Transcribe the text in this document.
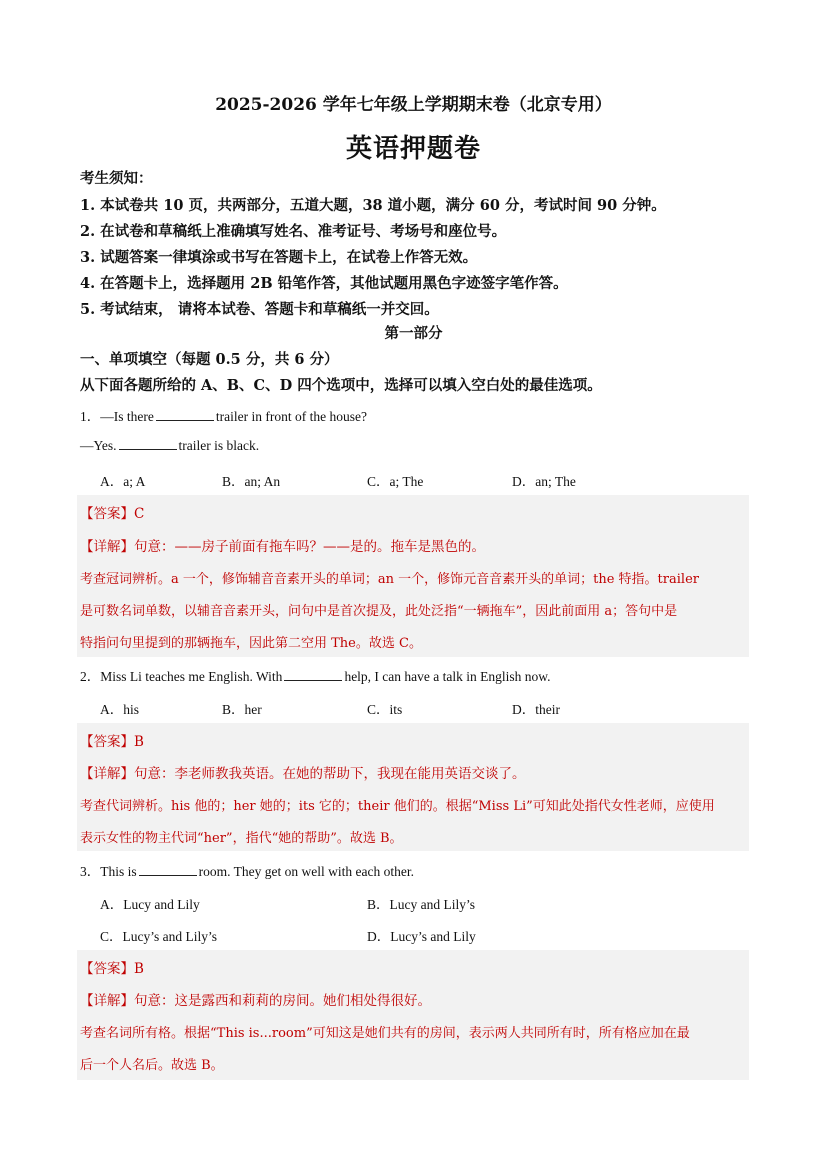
2025-2026 学年七年级上学期期末卷（北京专用）
英语押题卷
考生须知：
1. 本试卷共 10 页，共两部分，五道大题，38 道小题，满分 60 分，考试时间 90 分钟。
2. 在试卷和草稿纸上准确填写姓名、准考证号、考场号和座位号。
3. 试题答案一律填涂或书写在答题卡上，在试卷上作答无效。
4. 在答题卡上，选择题用 2B 铅笔作答，其他试题用黑色字迹签字笔作答。
5. 考试结束， 请将本试卷、答题卡和草稿纸一并交回。
第一部分
一、单项填空（每题 0.5 分，共 6 分）
从下面各题所给的 A、B、C、D 四个选项中，选择可以填入空白处的最佳选项。
1．—Is there	trailer in front of the house?
—Yes.	trailer is black.
A．a; A	B．an; An	C．a; The	D．an; The
【答案】C
【详解】句意：——房子前面有拖车吗？——是的。拖车是黑色的。
考查冠词辨析。a 一个，修饰辅音音素开头的单词；an 一个，修饰元音音素开头的单词；the 特指。trailer
是可数名词单数，以辅音音素开头，问句中是首次提及，此处泛指“一辆拖车”，因此前面用 a；答句中是
特指问句里提到的那辆拖车，因此第二空用 The。故选 C。
2．Miss Li teaches me English. With	help, I can have a talk in English now.
A．his	B．her	C．its	D．their
【答案】B
【详解】句意：李老师教我英语。在她的帮助下，我现在能用英语交谈了。
考查代词辨析。his 他的；her 她的；its 它的；their 他们的。根据“Miss Li”可知此处指代女性老师，应使用
表示女性的物主代词“her”，指代“她的帮助”。故选 B。
3．This is	room. They get on well with each other.
A．Lucy and Lily	B．Lucy and Lily’s
C．Lucy’s and Lily’s	D．Lucy’s and Lily
【答案】B
【详解】句意：这是露西和莉莉的房间。她们相处得很好。
考查名词所有格。根据“This is...room”可知这是她们共有的房间，表示两人共同所有时，所有格应加在最
后一个人名后。故选 B。
